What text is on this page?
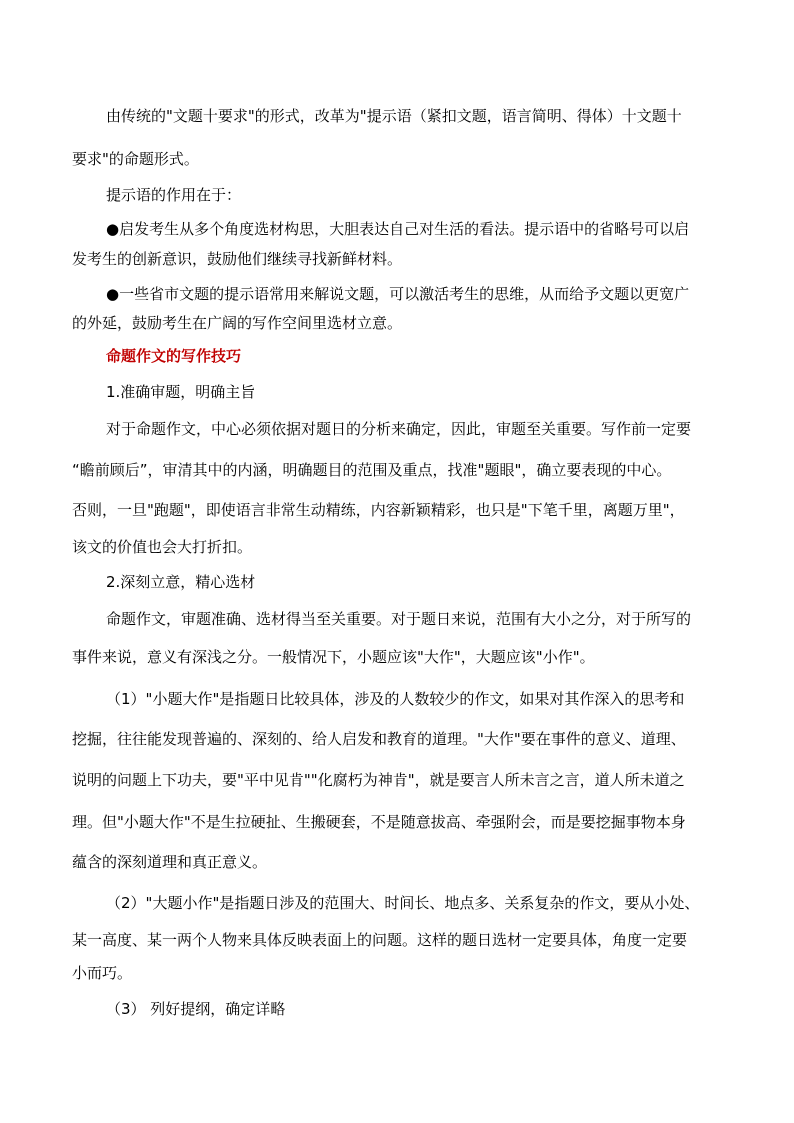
由传统的"文题十要求"的形式，改革为"提示语（紧扣文题，语言简明、得体）十文题十
要求"的命题形式。
提示语的作用在于：
●启发考生从多个角度选材构思，大胆表达自己对生活的看法。提示语中的省略号可以启
发考生的创新意识，鼓励他们继续寻找新鲜材料。
●一些省市文题的提示语常用来解说文题，可以激活考生的思维，从而给予文题以更宽广
的外延，鼓励考生在广阔的写作空间里选材立意。
命题作文的写作技巧
1.准确审题，明确主旨
对于命题作文，中心必须依据对题日的分析来确定，因此，审题至关重要。写作前一定要
“瞻前顾后”，审清其中的内涵，明确题目的范围及重点，找准"题眼"，确立要表现的中心。
否则，一旦"跑题"，即使语言非常生动精练，内容新颖精彩，也只是"下笔千里，离题万里"，
该文的价值也会大打折扣。
2.深刻立意，精心选材
命题作文，审题准确、选材得当至关重要。对于题日来说，范围有大小之分，对于所写的
事件来说，意义有深浅之分。一般情况下，小题应该"大作"，大题应该"小作"。
（1）"小题大作"是指题日比较具体，涉及的人数较少的作文，如果对其作深入的思考和
挖掘，往往能发现普遍的、深刻的、给人启发和教育的道理。"大作"要在事件的意义、道理、
说明的问题上下功夫，要"平中见肯""化腐朽为神肯"，就是要言人所未言之言，道人所未道之
理。但"小题大作"不是生拉硬扯、生搬硬套，不是随意拔高、牵强附会，而是要挖掘事物本身
蕴含的深刻道理和真正意义。
（2）"大题小作"是指题日涉及的范围大、时间长、地点多、关系复杂的作文，要从小处、
某一高度、某一两个人物来具体反映表面上的问题。这样的题日选材一定要具体，角度一定要
小而巧。
（3） 列好提纲，确定详略
